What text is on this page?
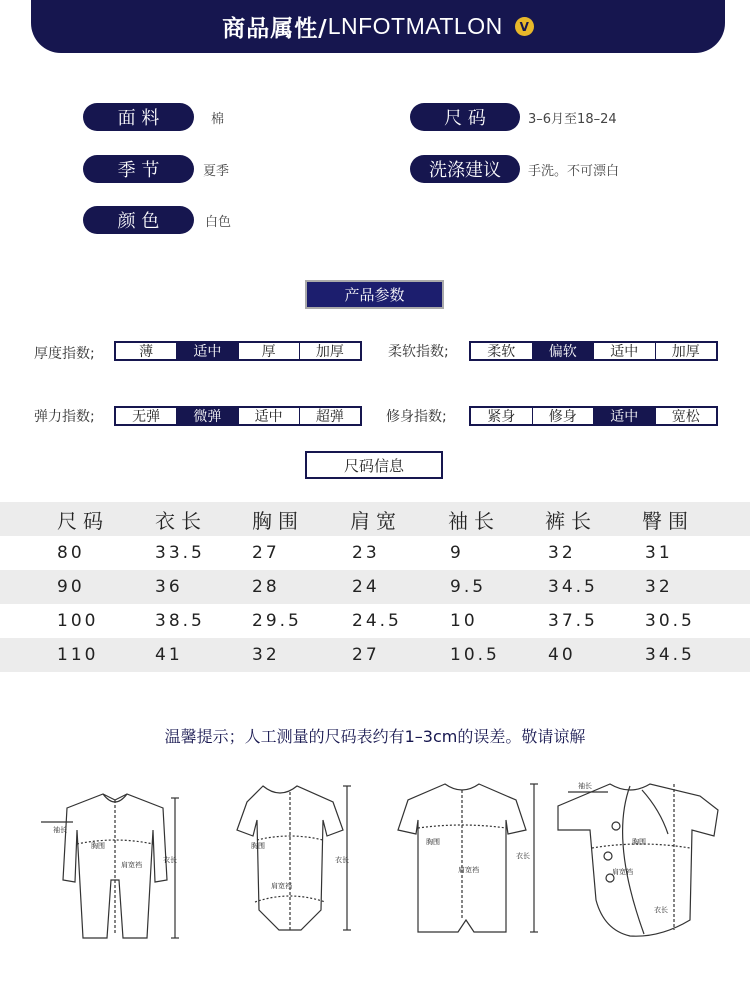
商品属性/ LNFOTMATLON	V
面 料	棉	尺 码	3–6月至18–24
季 节	夏季	洗涤建议	手洗。不可漂白
颜 色	白色
产品参数
厚度指数;	薄	适中	厚	加厚	柔软指数;	柔软	偏软	适中	加厚
弹力指数;	无弹	微弹	适中	超弹	修身指数;	紧身	修身	适中	宽松
尺码信息
尺码 衣长 胸围 肩宽 袖长 裤长 臀围
80	33.5	27	23	9	32	31
90	36	28	24	9.5	34.5	32
100	38.5	29.5	24.5	10	37.5	30.5
110	41	32	27	10.5	40	34.5
温馨提示；人工测量的尺码表约有1–3cm的误差。敬请谅解
袖长
胸围
肩宽裆
衣长
胸围
肩宽裆
衣长
胸围
肩宽裆
衣长
袖长
胸围
肩宽裆
衣长
